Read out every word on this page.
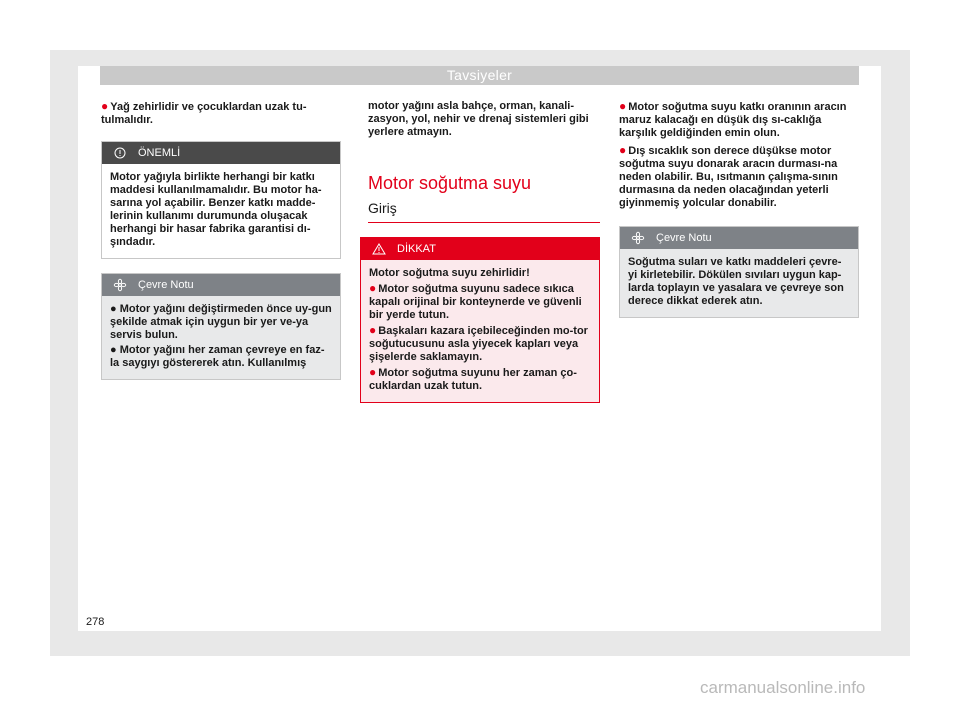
Tavsiyeler

● Yağ zehirlidir ve çocuklardan uzak tu-tulmalıdır.

ÖNEMLİ

Motor yağıyla birlikte herhangi bir katkı maddesi kullanılmamalıdır. Bu motor ha-sarına yol açabilir. Benzer katkı madde-lerinin kullanımı durumunda oluşacak herhangi bir hasar fabrika garantisi dı-şındadır.

Çevre Notu

● Motor yağını değiştirmeden önce uy-gun şekilde atmak için uygun bir yer ve-ya servis bulun.

● Motor yağını her zaman çevreye en faz-la saygıyı göstererek atın. Kullanılmış

motor yağını asla bahçe, orman, kanali-zasyon, yol, nehir ve drenaj sistemleri gibi yerlere atmayın.

Motor soğutma suyu
Giriş
DİKKAT

Motor soğutma suyu zehirlidir!

● Motor soğutma suyunu sadece sıkıca kapalı orijinal bir konteynerde ve güvenli bir yerde tutun.

● Başkaları kazara içebileceğinden mo-tor soğutucusunu asla yiyecek kapları veya şişelerde saklamayın.

● Motor soğutma suyunu her zaman ço-cuklardan uzak tutun.

● Motor soğutma suyu katkı oranının aracın maruz kalacağı en düşük dış sı-caklığa karşılık geldiğinden emin olun.

● Dış sıcaklık son derece düşükse motor soğutma suyu donarak aracın durması-na neden olabilir. Bu, ısıtmanın çalışma-sının durmasına da neden olacağından yeterli giyinmemiş yolcular donabilir.

Çevre Notu

Soğutma suları ve katkı maddeleri çevre-yi kirletebilir. Dökülen sıvıları uygun kap-larda toplayın ve yasalara ve çevreye son derece dikkat ederek atın.

278
carmanualsonline.info
